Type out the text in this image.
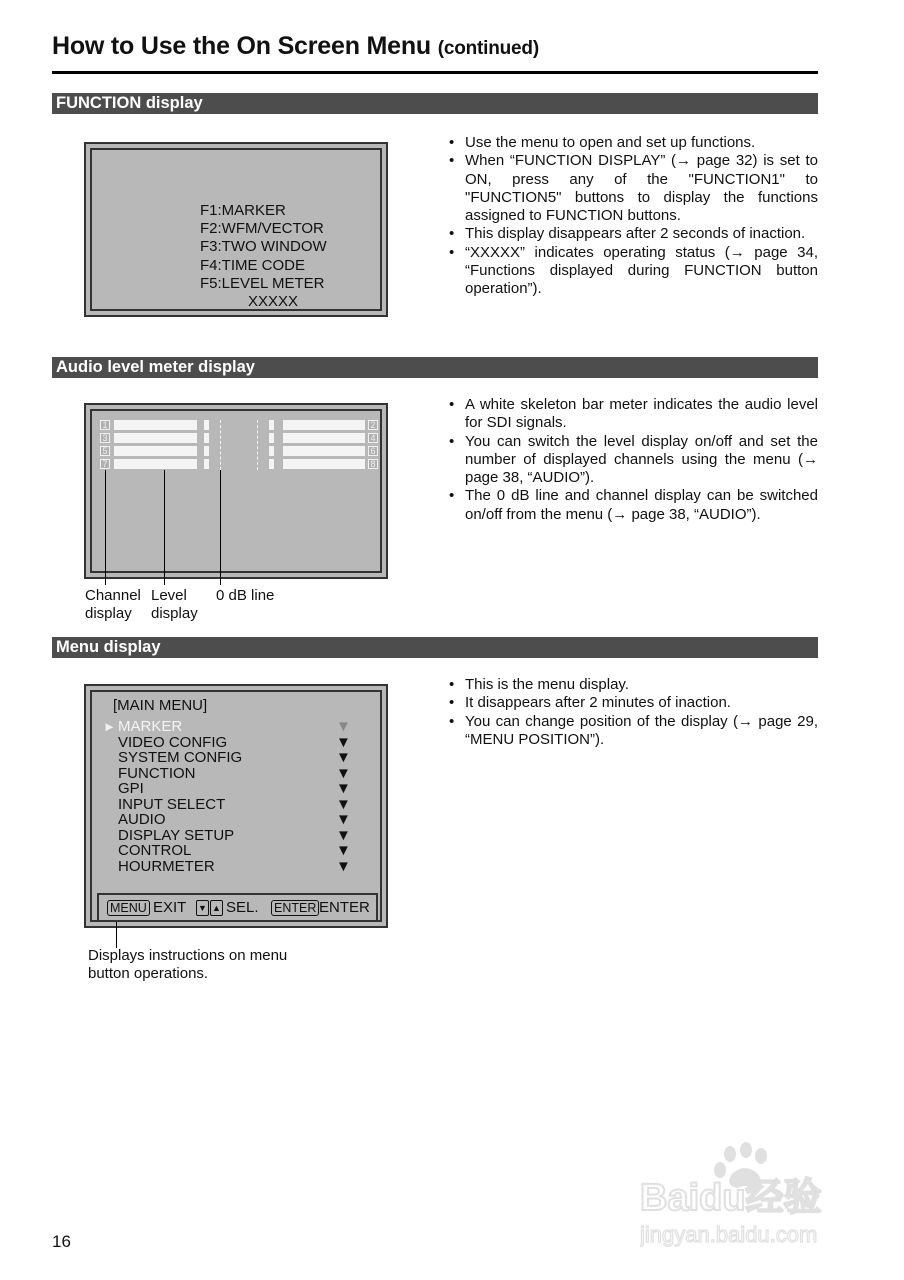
How to Use the On Screen Menu (continued)
FUNCTION display
F1:MARKER
F2:WFM/VECTOR
F3:TWO WINDOW
F4:TIME CODE
F5:LEVEL METER
XXXXX
• Use the menu to open and set up functions.
• When “FUNCTION DISPLAY” (→ page 32) is set to ON, press any of the "FUNCTION1" to "FUNCTION5" buttons to display the functions assigned to FUNCTION buttons.
• This display disappears after 2 seconds of inaction.
• “XXXXX” indicates operating status (→ page 34, “Functions displayed during FUNCTION button operation”).
Audio level meter display
1
3
5
7
2
4
6
8
Channel
display
Level
display
0 dB line
• A white skeleton bar meter indicates the audio level for SDI signals.
• You can switch the level display on/off and set the number of displayed channels using the menu (→ page 38, “AUDIO”).
• The 0 dB line and channel display can be switched on/off from the menu (→ page 38, “AUDIO”).
Menu display
[MAIN MENU]
► MARKER
VIDEO CONFIG
SYSTEM CONFIG
FUNCTION
GPI
INPUT SELECT
AUDIO
DISPLAY SETUP
CONTROL
HOURMETER
▼
▼
▼
▼
▼
▼
▼
▼
▼
▼
MENU EXIT ▼ ▲ SEL. ENTER ENTER
Displays instructions on menu
button operations.
• This is the menu display.
• It disappears after 2 minutes of inaction.
• You can change position of the display (→ page 29, “MENU POSITION”).
16
Baidu经验
jingyan.baidu.com
